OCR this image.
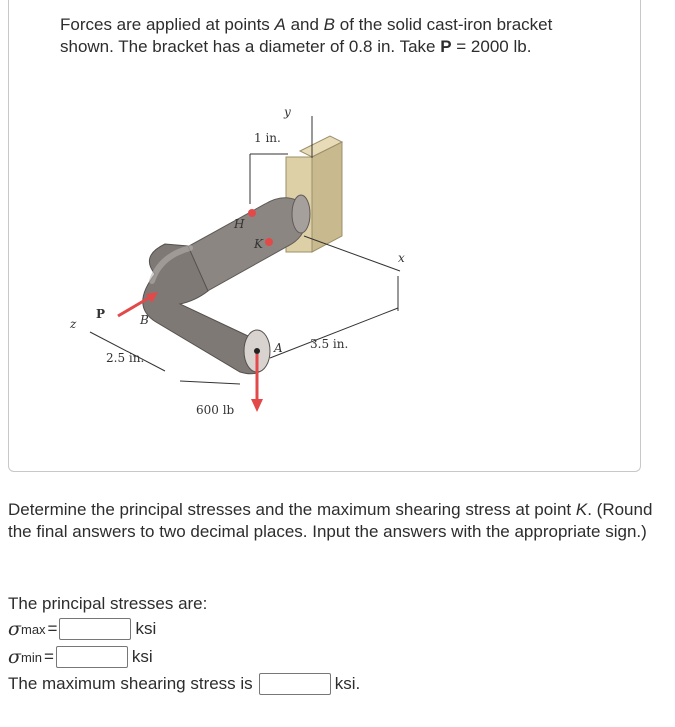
Forces are applied at points A and B of the solid cast-iron bracket shown. The bracket has a diameter of 0.8 in. Take P = 2000 lb.
y
1 in.
H
K
x
3.5 in.
A
P	B
z
2.5 in.
600 lb
Determine the principal stresses and the maximum shearing stress at point K. (Round the final answers to two decimal places. Input the answers with the appropriate sign.)
The principal stresses are:
σ max =	ksi
σ min =	ksi
The maximum shearing stress is	ksi.
